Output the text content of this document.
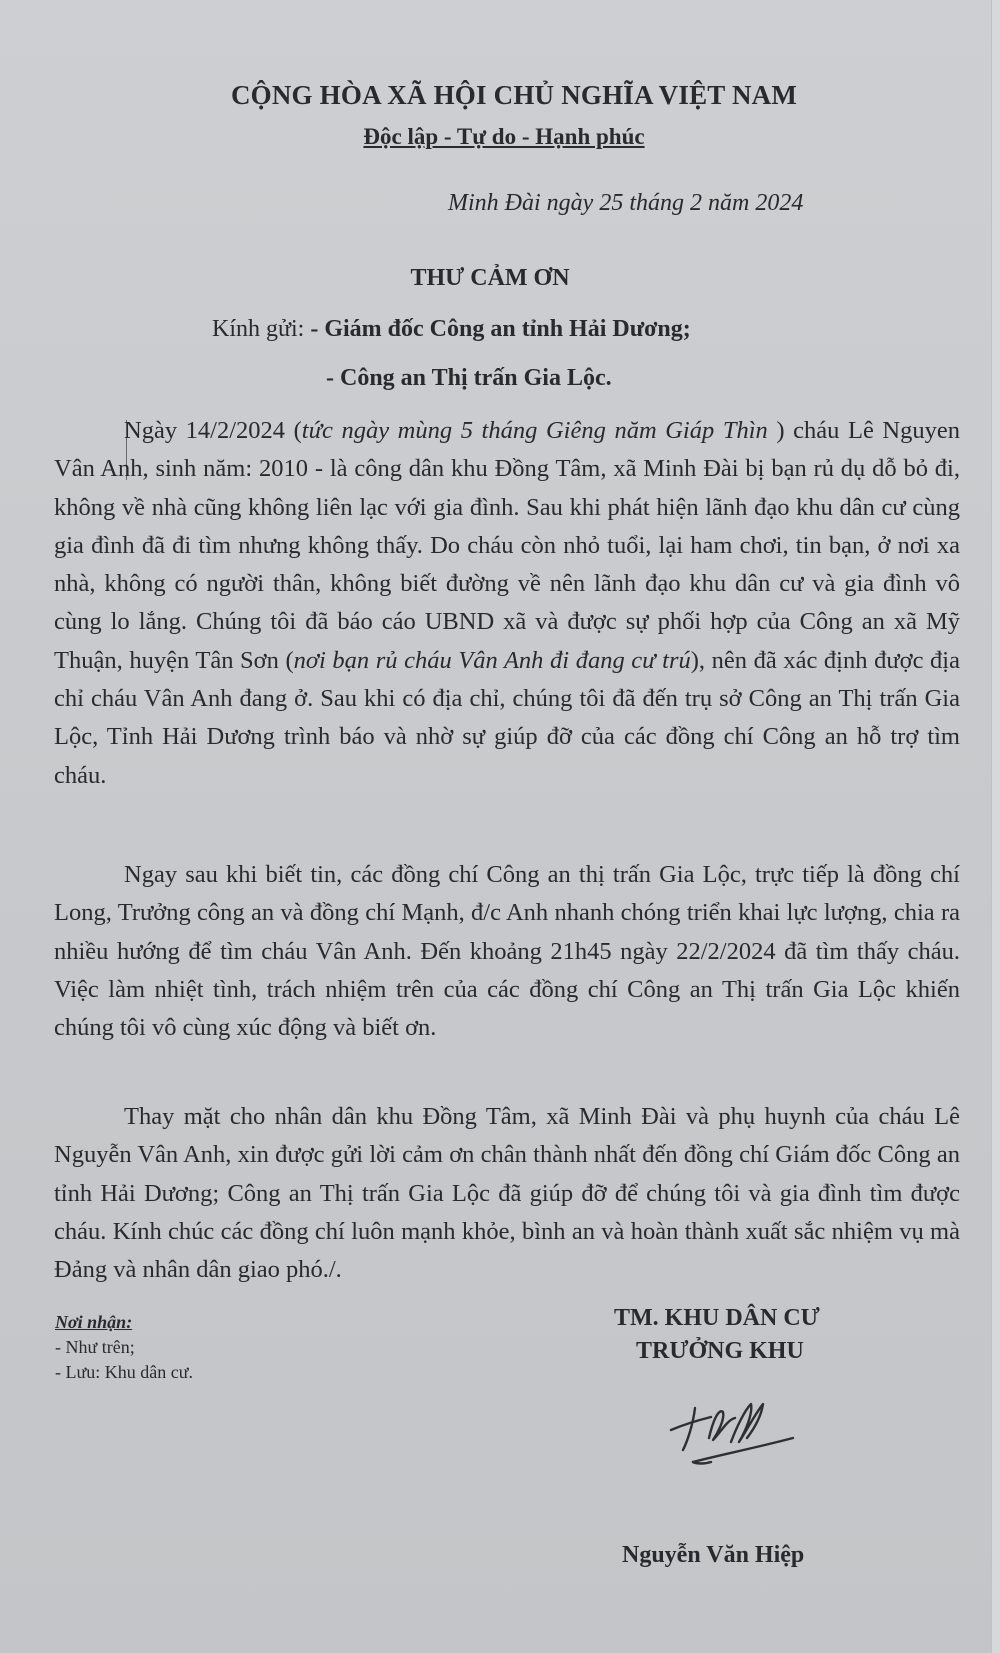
CỘNG HÒA XÃ HỘI CHỦ NGHĨA VIỆT NAM
Độc lập - Tự do - Hạnh phúc
Minh Đài ngày 25 tháng 2 năm 2024
THƯ CẢM ƠN
Kính gửi: - Giám đốc Công an tỉnh Hải Dương;
- Công an Thị trấn Gia Lộc.

Ngày 14/2/2024 (tức ngày mùng 5 tháng Giêng năm Giáp Thìn ) cháu Lê Nguyen Vân Anh, sinh năm: 2010 - là công dân khu Đồng Tâm, xã Minh Đài bị bạn rủ dụ dỗ bỏ đi, không về nhà cũng không liên lạc với gia đình. Sau khi phát hiện lãnh đạo khu dân cư cùng gia đình đã đi tìm nhưng không thấy. Do cháu còn nhỏ tuổi, lại ham chơi, tin bạn, ở nơi xa nhà, không có người thân, không biết đường về nên lãnh đạo khu dân cư và gia đình vô cùng lo lắng. Chúng tôi đã báo cáo UBND xã và được sự phối hợp của Công an xã Mỹ Thuận, huyện Tân Sơn (nơi bạn rủ cháu Vân Anh đi đang cư trú), nên đã xác định được địa chỉ cháu Vân Anh đang ở. Sau khi có địa chỉ, chúng tôi đã đến trụ sở Công an Thị trấn Gia Lộc, Tỉnh Hải Dương trình báo và nhờ sự giúp đỡ của các đồng chí Công an hỗ trợ tìm cháu.

Ngay sau khi biết tin, các đồng chí Công an thị trấn Gia Lộc, trực tiếp là đồng chí Long, Trưởng công an và đồng chí Mạnh, đ/c Anh nhanh chóng triển khai lực lượng, chia ra nhiều hướng để tìm cháu Vân Anh. Đến khoảng 21h45 ngày 22/2/2024 đã tìm thấy cháu. Việc làm nhiệt tình, trách nhiệm trên của các đồng chí Công an Thị trấn Gia Lộc khiến chúng tôi vô cùng xúc động và biết ơn.

Thay mặt cho nhân dân khu Đồng Tâm, xã Minh Đài và phụ huynh của cháu Lê Nguyễn Vân Anh, xin được gửi lời cảm ơn chân thành nhất đến đồng chí Giám đốc Công an tỉnh Hải Dương; Công an Thị trấn Gia Lộc đã giúp đỡ để chúng tôi và gia đình tìm được cháu. Kính chúc các đồng chí luôn mạnh khỏe, bình an và hoàn thành xuất sắc nhiệm vụ mà Đảng và nhân dân giao phó./.

Nơi nhận:
- Như trên;
- Lưu: Khu dân cư.
TM. KHU DÂN CƯ
TRƯỞNG KHU
Nguyễn Văn Hiệp
